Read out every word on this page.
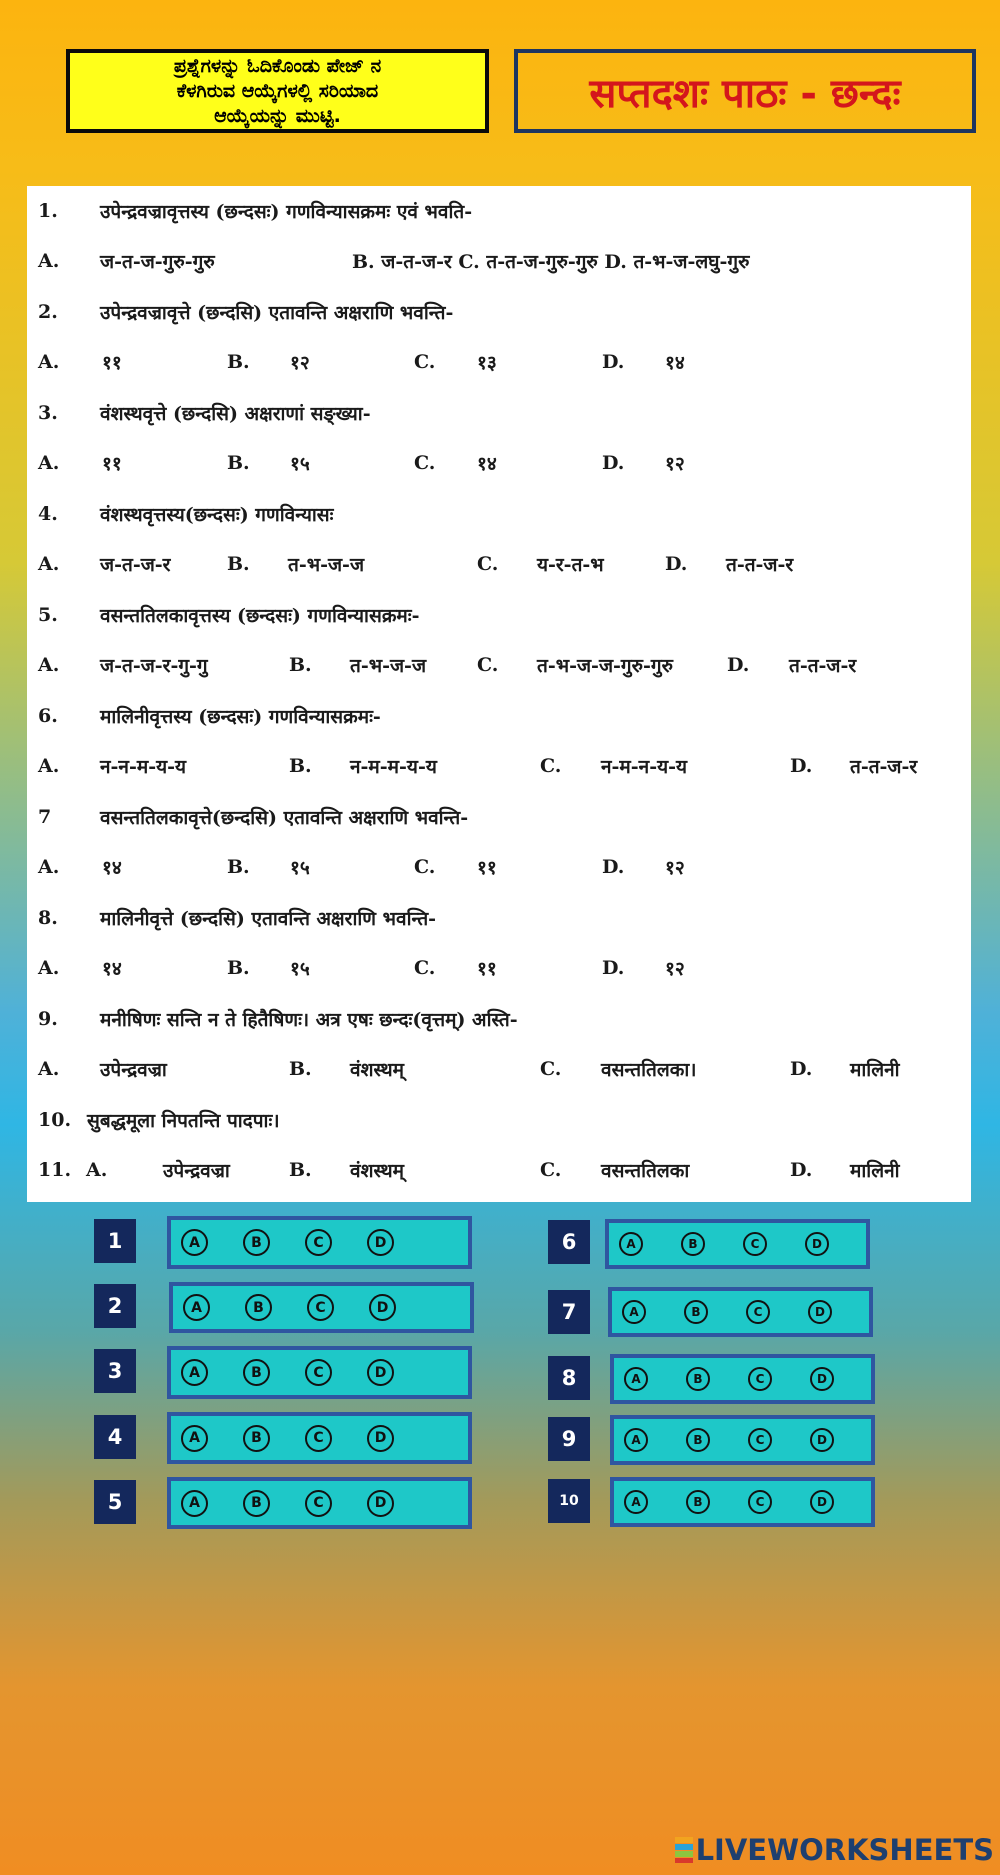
ಪ್ರಶ್ನೆಗಳನ್ನು ಓದಿಕೊಂಡು ಪೇಜ್ ನ
ಕೆಳಗಿರುವ ಆಯ್ಕೆಗಳಲ್ಲಿ ಸರಿಯಾದ
ಆಯ್ಕೆಯನ್ನು ಮುಟ್ಟಿ.	सप्तदशः पाठः - छन्दः
1. उपेन्द्रवज्रावृत्तस्य (छन्दसः) गणविन्यासक्रमः एवं भवति-
A. ज-त-ज-गुरु-गुरु	B. ज-त-ज-र C. त-त-ज-गुरु-गुरु D. त-भ-ज-लघु-गुरु
2. उपेन्द्रवज्रावृत्ते (छन्दसि) एतावन्ति अक्षराणि भवन्ति-
A. ११	B. १२	C. १३	D. १४
3. वंशस्थवृत्ते (छन्दसि) अक्षराणां सङ्ख्या-
A. ११	B. १५	C. १४	D. १२
4. वंशस्थवृत्तस्य(छन्दसः) गणविन्यासः
A. ज-त-ज-र	B. त-भ-ज-ज	C. य-र-त-भ	D. त-त-ज-र
5. वसन्ततिलकावृत्तस्य (छन्दसः) गणविन्यासक्रमः-
A. ज-त-ज-र-गु-गु	B. त-भ-ज-ज	C. त-भ-ज-ज-गुरु-गुरु	D. त-त-ज-र
6. मालिनीवृत्तस्य (छन्दसः) गणविन्यासक्रमः-
A. न-न-म-य-य	B. न-म-म-य-य	C. न-म-न-य-य	D. त-त-ज-र
7	वसन्ततिलकावृत्ते(छन्दसि) एतावन्ति अक्षराणि भवन्ति-
A. १४	B. १५	C. ११	D. १२
8. मालिनीवृत्ते (छन्दसि) एतावन्ति अक्षराणि भवन्ति-
A. १४	B. १५	C. ११	D. १२
9. मनीषिणः सन्ति न ते हितैषिणः। अत्र एषः छन्दः(वृत्तम्) अस्ति-
A. उपेन्द्रवज्रा	B. वंशस्थम्	C. वसन्ततिलका।	D. मालिनी
10. सुबद्धमूला निपतन्ति पादपाः।
11. A.	उपेन्द्रवज्रा	B. वंशस्थम्	C. वसन्ततिलका	D. मालिनी
1	A	B	C	D
2	A	B	C	D
3	A	B	C	D
4	A	B	C	D
5	A	B	C	D
6	A	B	C	D
7	A	B	C	D
8	A	B	C	D
9	A	B	C	D
10	A	B	C	D
LIVEWORKSHEETS
